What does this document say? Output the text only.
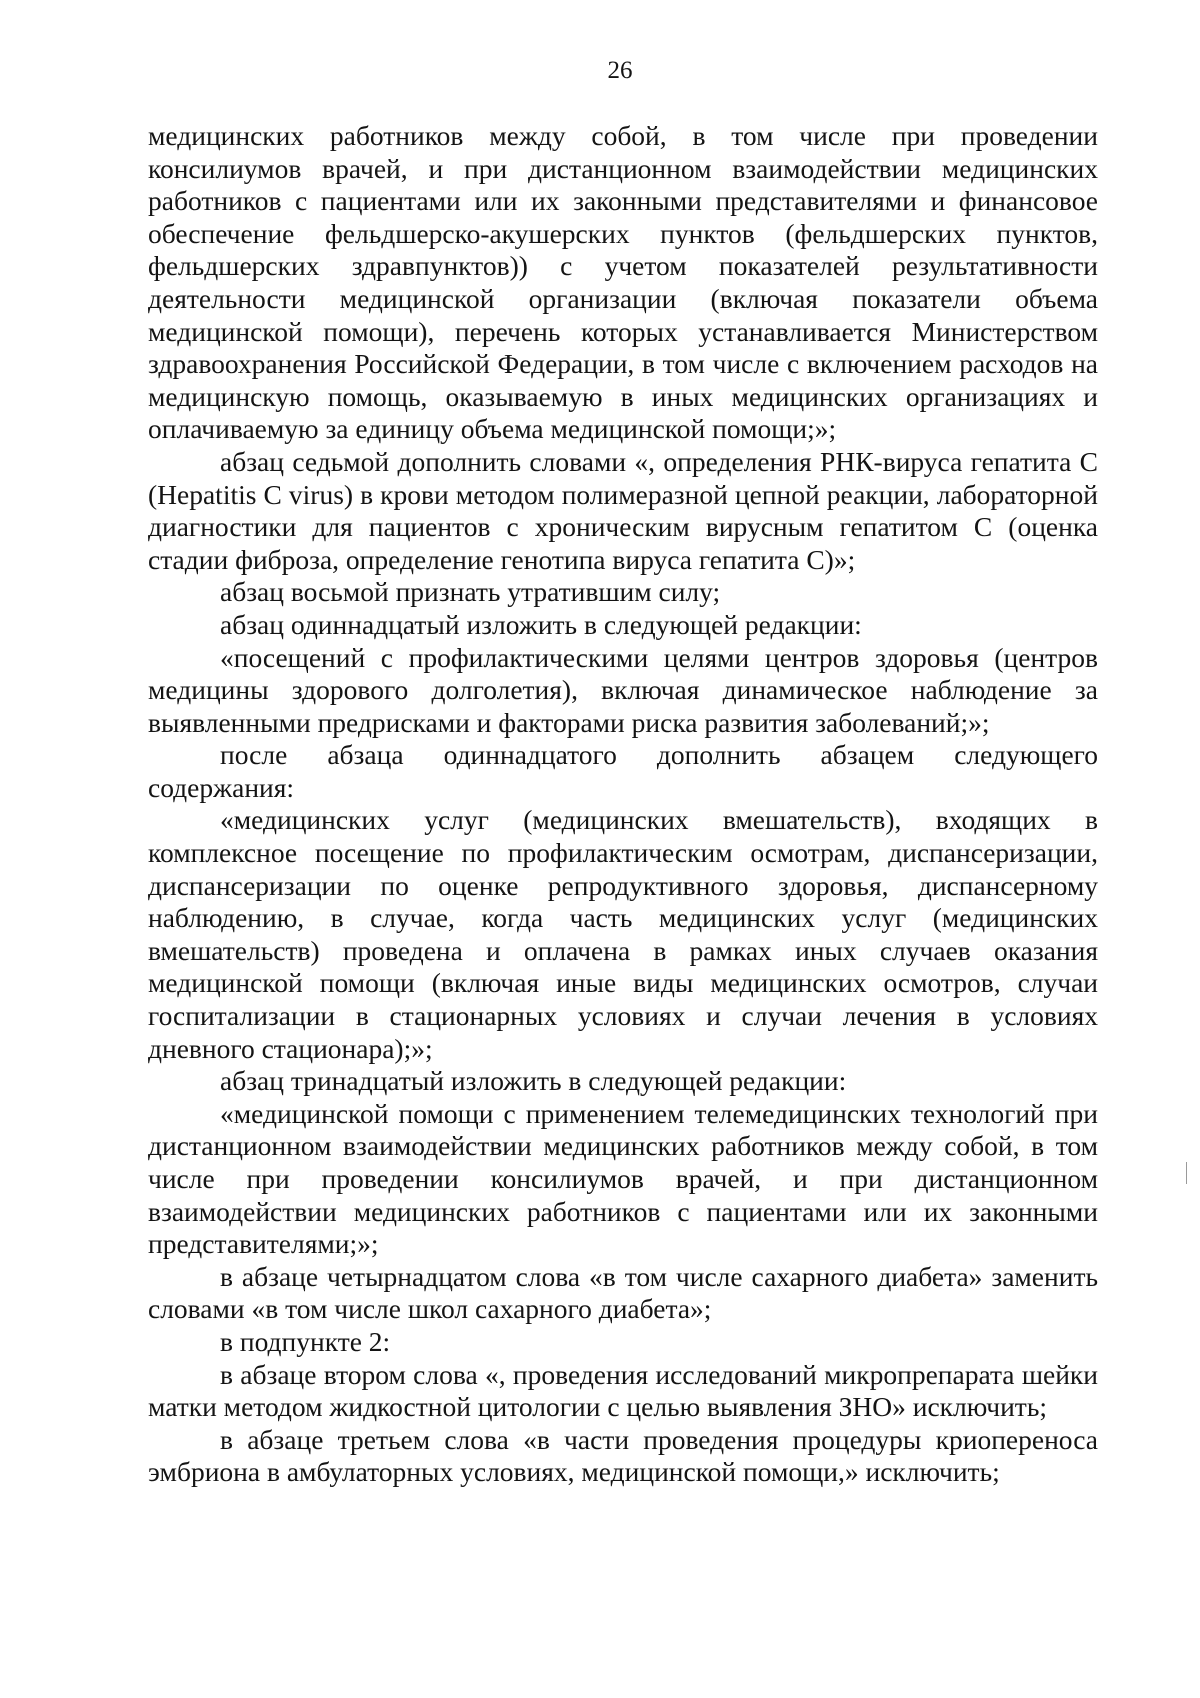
26

медицинских работников между собой, в том числе при проведении консилиумов врачей, и при дистанционном взаимодействии медицинских работников с пациентами или их законными представителями и финансовое обеспечение фельдшерско-акушерских пунктов (фельдшерских пунктов, фельдшерских здравпунктов)) с учетом показателей результативности деятельности медицинской организации (включая показатели объема медицинской помощи), перечень которых устанавливается Министерством здравоохранения Российской Федерации, в том числе с включением расходов на медицинскую помощь, оказываемую в иных медицинских организациях и оплачиваемую за единицу объема медицинской помощи;»;

абзац седьмой дополнить словами «, определения РНК-вируса гепатита С (Hepatitis C virus) в крови методом полимеразной цепной реакции, лабораторной диагностики для пациентов с хроническим вирусным гепатитом С (оценка стадии фиброза, определение генотипа вируса гепатита С)»;

абзац восьмой признать утратившим силу;

абзац одиннадцатый изложить в следующей редакции:

«посещений с профилактическими целями центров здоровья (центров медицины здорового долголетия), включая динамическое наблюдение за выявленными предрисками и факторами риска развития заболеваний;»;

после абзаца одиннадцатого дополнить абзацем следующего содержания:

«медицинских услуг (медицинских вмешательств), входящих в комплексное посещение по профилактическим осмотрам, диспансеризации, диспансеризации по оценке репродуктивного здоровья, диспансерному наблюдению, в случае, когда часть медицинских услуг (медицинских вмешательств) проведена и оплачена в рамках иных случаев оказания медицинской помощи (включая иные виды медицинских осмотров, случаи госпитализации в стационарных условиях и случаи лечения в условиях дневного стационара);»;

абзац тринадцатый изложить в следующей редакции:

«медицинской помощи с применением телемедицинских технологий при дистанционном взаимодействии медицинских работников между собой, в том числе при проведении консилиумов врачей, и при дистанционном взаимодействии медицинских работников с пациентами или их законными представителями;»;

в абзаце четырнадцатом слова «в том числе сахарного диабета» заменить словами «в том числе школ сахарного диабета»;

в подпункте 2:

в абзаце втором слова «, проведения исследований микропрепарата шейки матки методом жидкостной цитологии с целью выявления ЗНО» исключить;

в абзаце третьем слова «в части проведения процедуры криопереноса эмбриона в амбулаторных условиях, медицинской помощи,» исключить;
